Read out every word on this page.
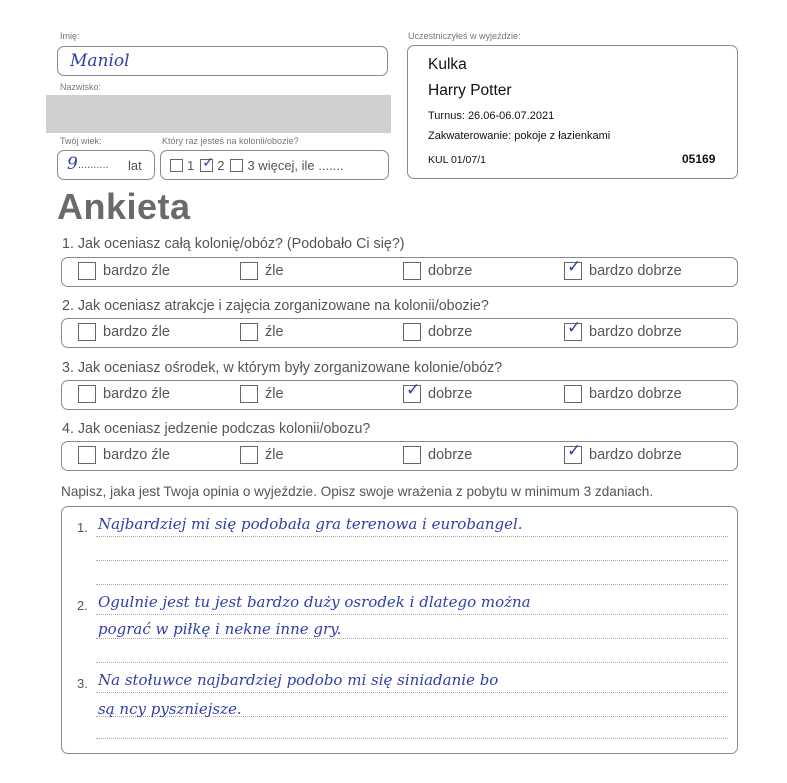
Imię:
Maniol
Nazwisko:
Twój wiek:
9 .......... lat
Który raz jesteś na kolonii/obozie?
1 ✓ 2 3 więcej, ile .......
Uczestniczyłeś w wyjeździe:
Kulka
Harry Potter
Turnus: 26.06-06.07.2021
Zakwaterowanie: pokoje z łazienkami
KUL 01/07/1	05169
Ankieta
1. Jak oceniasz całą kolonię/obóz? (Podobało Ci się?)
bardzo źle	źle	dobrze	✓ bardzo dobrze
2. Jak oceniasz atrakcje i zajęcia zorganizowane na kolonii/obozie?
bardzo źle	źle	dobrze	✓ bardzo dobrze
3. Jak oceniasz ośrodek, w którym były zorganizowane kolonie/obóz?
bardzo źle	źle	✓ dobrze	bardzo dobrze
4. Jak oceniasz jedzenie podczas kolonii/obozu?
bardzo źle	źle	dobrze	✓ bardzo dobrze
Napisz, jaka jest Twoja opinia o wyjeździe. Opisz swoje wrażenia z pobytu w minimum 3 zdaniach.
1.
2.
3.
Najbardziej mi się podobała gra terenowa i eurobangel.
Ogulnie jest tu jest bardzo duży osrodek i dlatego można
pograć w piłkę i nekne inne gry.
Na stołuwce najbardziej podobo mi się siniadanie bo
są ncy pyszniejsze.
